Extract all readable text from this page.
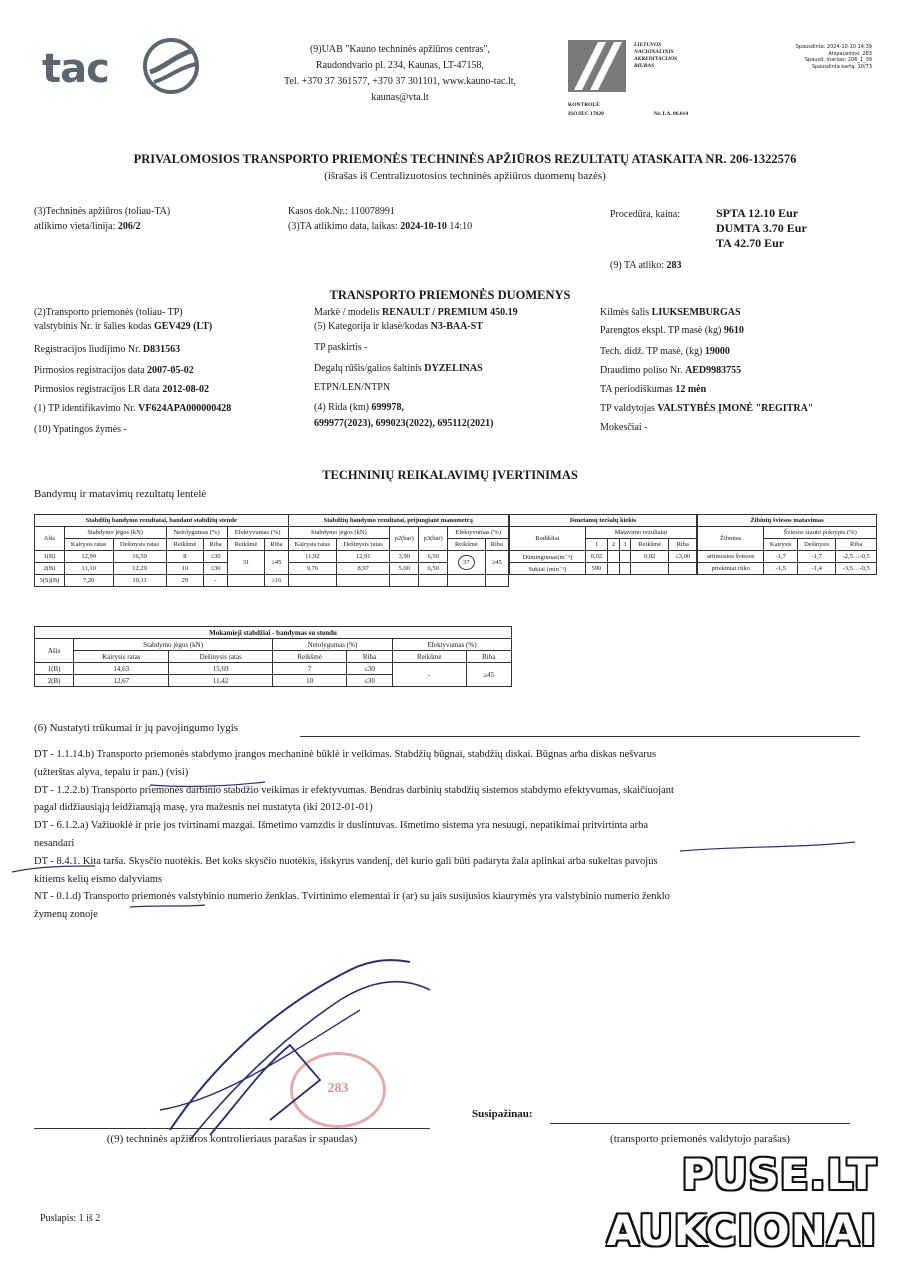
tac	(9)UAB "Kauno techninės apžiūros centras",
Raudondvario pl. 234, Kaunas, LT-47158,
Tel. +370 37 361577, +370 37 301101, www.kauno-tac.lt,
kaunas@vta.lt
LIETUVOS
NACIONALINIS
AKREDITACIJOS
BIURAS
KONTROLĖ
ISO/IEC 17020	Nr. LA. 06.014
Spausdinta: 2024-10-10 14:39
Atspausdino: 283
Spausd. maršas: 206_1_39
Spausdinta kartą: 10/73
PRIVALOMOSIOS TRANSPORTO PRIEMONĖS TECHNINĖS APŽIŪROS REZULTATŲ ATASKAITA NR. 206-1322576
(išrašas iš Centralizuotosios techninės apžiūros duomenų bazės)
(3)Techninės apžiūros (toliau-TA)
atlikimo vieta/linija: 206/2
Kasos dok.Nr.: 110078991
(3)TA atlikimo data, laikas: 2024-10-10 14:10
Procedūra, kaina:	SPTA 12.10 Eur
DUMTA 3.70 Eur
TA 42.70 Eur
(9) TA atliko: 283
TRANSPORTO PRIEMONĖS DUOMENYS
(2)Transporto priemonės (toliau- TP)
valstybinis Nr. ir šalies kodas GEV429 (LT)
Registracijos liudijimo Nr. D831563
Pirmosios registracijos data 2007-05-02
Pirmosios registracijos LR data 2012-08-02
(1) TP identifikavimo Nr. VF624APA000000428
(10) Ypatingos žymės -
Markė / modelis RENAULT / PREMIUM 450.19
(5) Kategorija ir klasė/kodas N3-BAA-ST
TP paskirtis -
Degalų rūšis/galios šaltinis DYZELINAS
ETPN/LEN/NTPN
(4) Rida (km) 699978,
699977(2023), 699023(2022), 695112(2021)
Kilmės šalis LIUKSEMBURGAS
Parengtos ekspl. TP masė (kg) 9610
Tech. didž. TP masė, (kg) 19000
Draudimo poliso Nr. AED9983755
TA periodiškumas 12 mėn
TP valdytojas VALSTYBĖS ĮMONĖ "REGITRA"
Mokesčiai -
TECHNINIŲ REIKALAVIMŲ ĮVERTINIMAS
Bandymų ir matavimų rezultatų lentelė
Stabdžių bandymo rezultatai, bandant stabdžių stende							Stabdžių bandymo rezultatai, prijungiant manometrą					
Ašis	Stabdymo jėgos (kN)		Netolygumas (%)		Efektyvumas (%)		Stabdymo jėgos (kN)		p2(bar)	p3(bar)	Efektyvumas (%)	
	Kairysis ratas	Dešinysis ratas	Reikšmė	Riba	Reikšmė	Riba	Kairysis ratas	Dešinysis ratas			Reikšmė	Riba
1(B)	12,99	16,59	8	≤30	31	≥45	11,92	12,91	3,90	6,50	37	≥45
2(B)	11,10	12,29	10	≤30			9,76	8,97	5,00	6,50		
3(S)(B)	7,20	10,11	29	-		≥16						
Išmetamų teršalų kiekis					
Rodikliai	Matavimo rezultatai				
	1	2	3	Reikšmė	Riba
Dūmingumas(m⁻¹)	0,02			0,02	≤3,00
Sukiai (min⁻¹)	590				
Žibintų šviesos matavimas			
Žibintas	Šviesos srauto pokrypis (%)		
	Kairysis	Dešinysis	Riba
artimosios šviesos	-1,7	-1,7	-2,5…-0,5
priekiniai rūko	-1,5	-1,4	-3,5…-0,5
Mokamieji stabdžiai - bandymas su stendu						
Ašis	Stabdymo jėgos (kN)		Netolygumas (%)		Efektyvumas (%)	
	Kairysis ratas	Dešinysis ratas	Reikšmė	Riba	Reikšmė	Riba
1(B)	14,63	15,69	7	≤30	-	≥45
2(B)	12,67	11,42	10	≤30		
(6) Nustatyti trūkumai ir jų pavojingumo lygis
DT - 1.1.14.b) Transporto priemonės stabdymo įrangos mechaninė būklė ir veikimas. Stabdžių būgnai, stabdžių diskai. Būgnas arba diskas nešvarus
(užterštas alyva, tepalu ir pan.) (visi)
DT - 1.2.2.b) Transporto priemonės darbinio stabdžio veikimas ir efektyvumas. Bendras darbinių stabdžių sistemos stabdymo efektyvumas, skaičiuojant
pagal didžiausiąją leidžiamąją masę, yra mažesnis nei nustatyta (iki 2012-01-01)
DT - 6.1.2.a) Važiuoklė ir prie jos tvirtinami mazgai. Išmetimo vamzdis ir duslintuvas. Išmetimo sistema yra nesuugi, nepatikimai pritvirtinta arba
nesandari
DT - 8.4.1. Kita tarša. Skysčio nuotėkis. Bet koks skysčio nuotėkis, išskyrus vandenį, dėl kurio gali būti padaryta žala aplinkai arba sukeltas pavojus
kitiems kelių eismo dalyviams
NT - 0.1.d) Transporto priemonės valstybinio numerio ženklas. Tvirtinimo elementai ir (ar) su jais susijusios kiaurymės yra valstybinio numerio ženklo
žymenų zonoje
283
Susipažinau:
((9) techninės apžiūros kontrolieriaus parašas ir spaudas)	(transporto priemonės valdytojo parašas)
Puslapis: 1 iš 2
PUSE.LT
AUKCIONAI
